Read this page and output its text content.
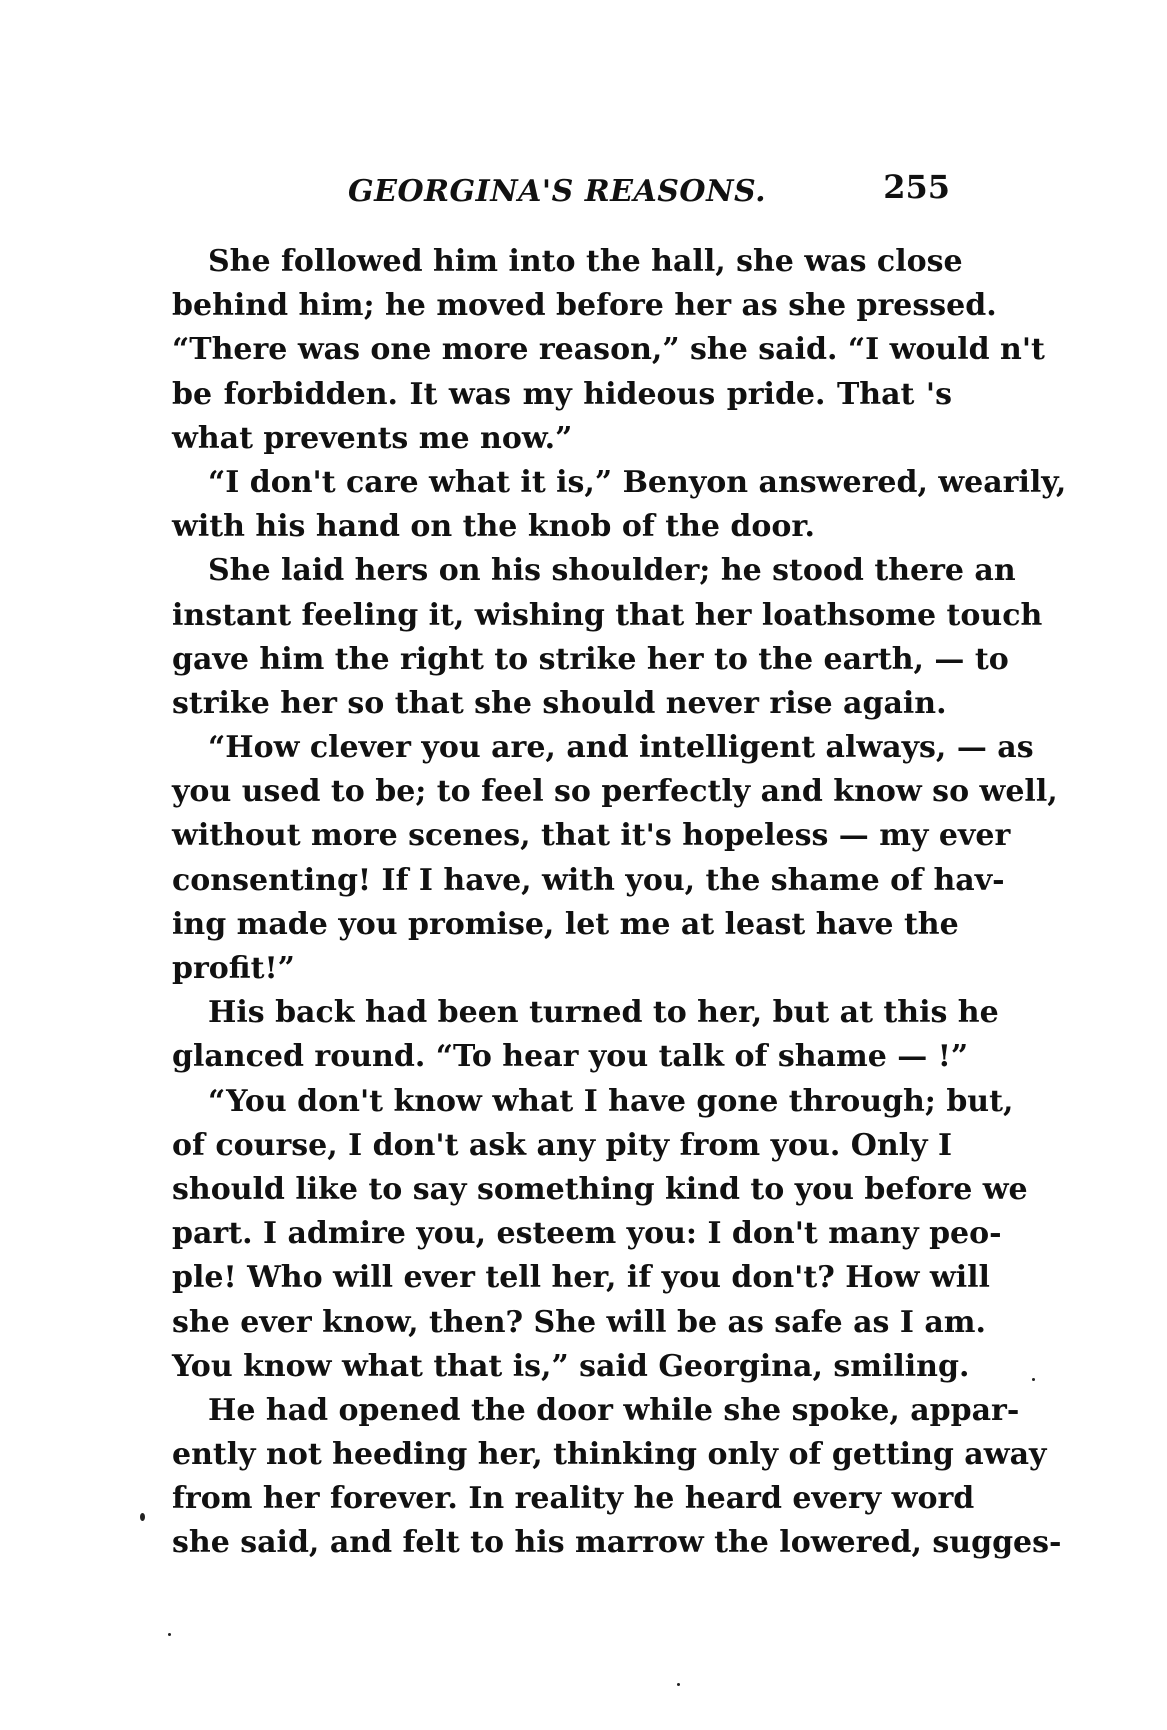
GEORGINA'S REASONS.	255
She followed him into the hall, she was close
behind him; he moved before her as she pressed.
“There was one more reason,” she said. “I would n't
be forbidden. It was my hideous pride. That 's
what prevents me now.”
“I don't care what it is,” Benyon answered, wearily,
with his hand on the knob of the door.
She laid hers on his shoulder; he stood there an
instant feeling it, wishing that her loathsome touch
gave him the right to strike her to the earth, — to
strike her so that she should never rise again.
“How clever you are, and intelligent always, — as
you used to be; to feel so perfectly and know so well,
without more scenes, that it's hopeless — my ever
consenting! If I have, with you, the shame of hav-
ing made you promise, let me at least have the
profit!”
His back had been turned to her, but at this he
glanced round. “To hear you talk of shame — !”
“You don't know what I have gone through; but,
of course, I don't ask any pity from you. Only I
should like to say something kind to you before we
part. I admire you, esteem you: I don't many peo-
ple! Who will ever tell her, if you don't? How will
she ever know, then? She will be as safe as I am.
You know what that is,” said Georgina, smiling.
He had opened the door while she spoke, appar-
ently not heeding her, thinking only of getting away
from her forever. In reality he heard every word
she said, and felt to his marrow the lowered, sugges-
